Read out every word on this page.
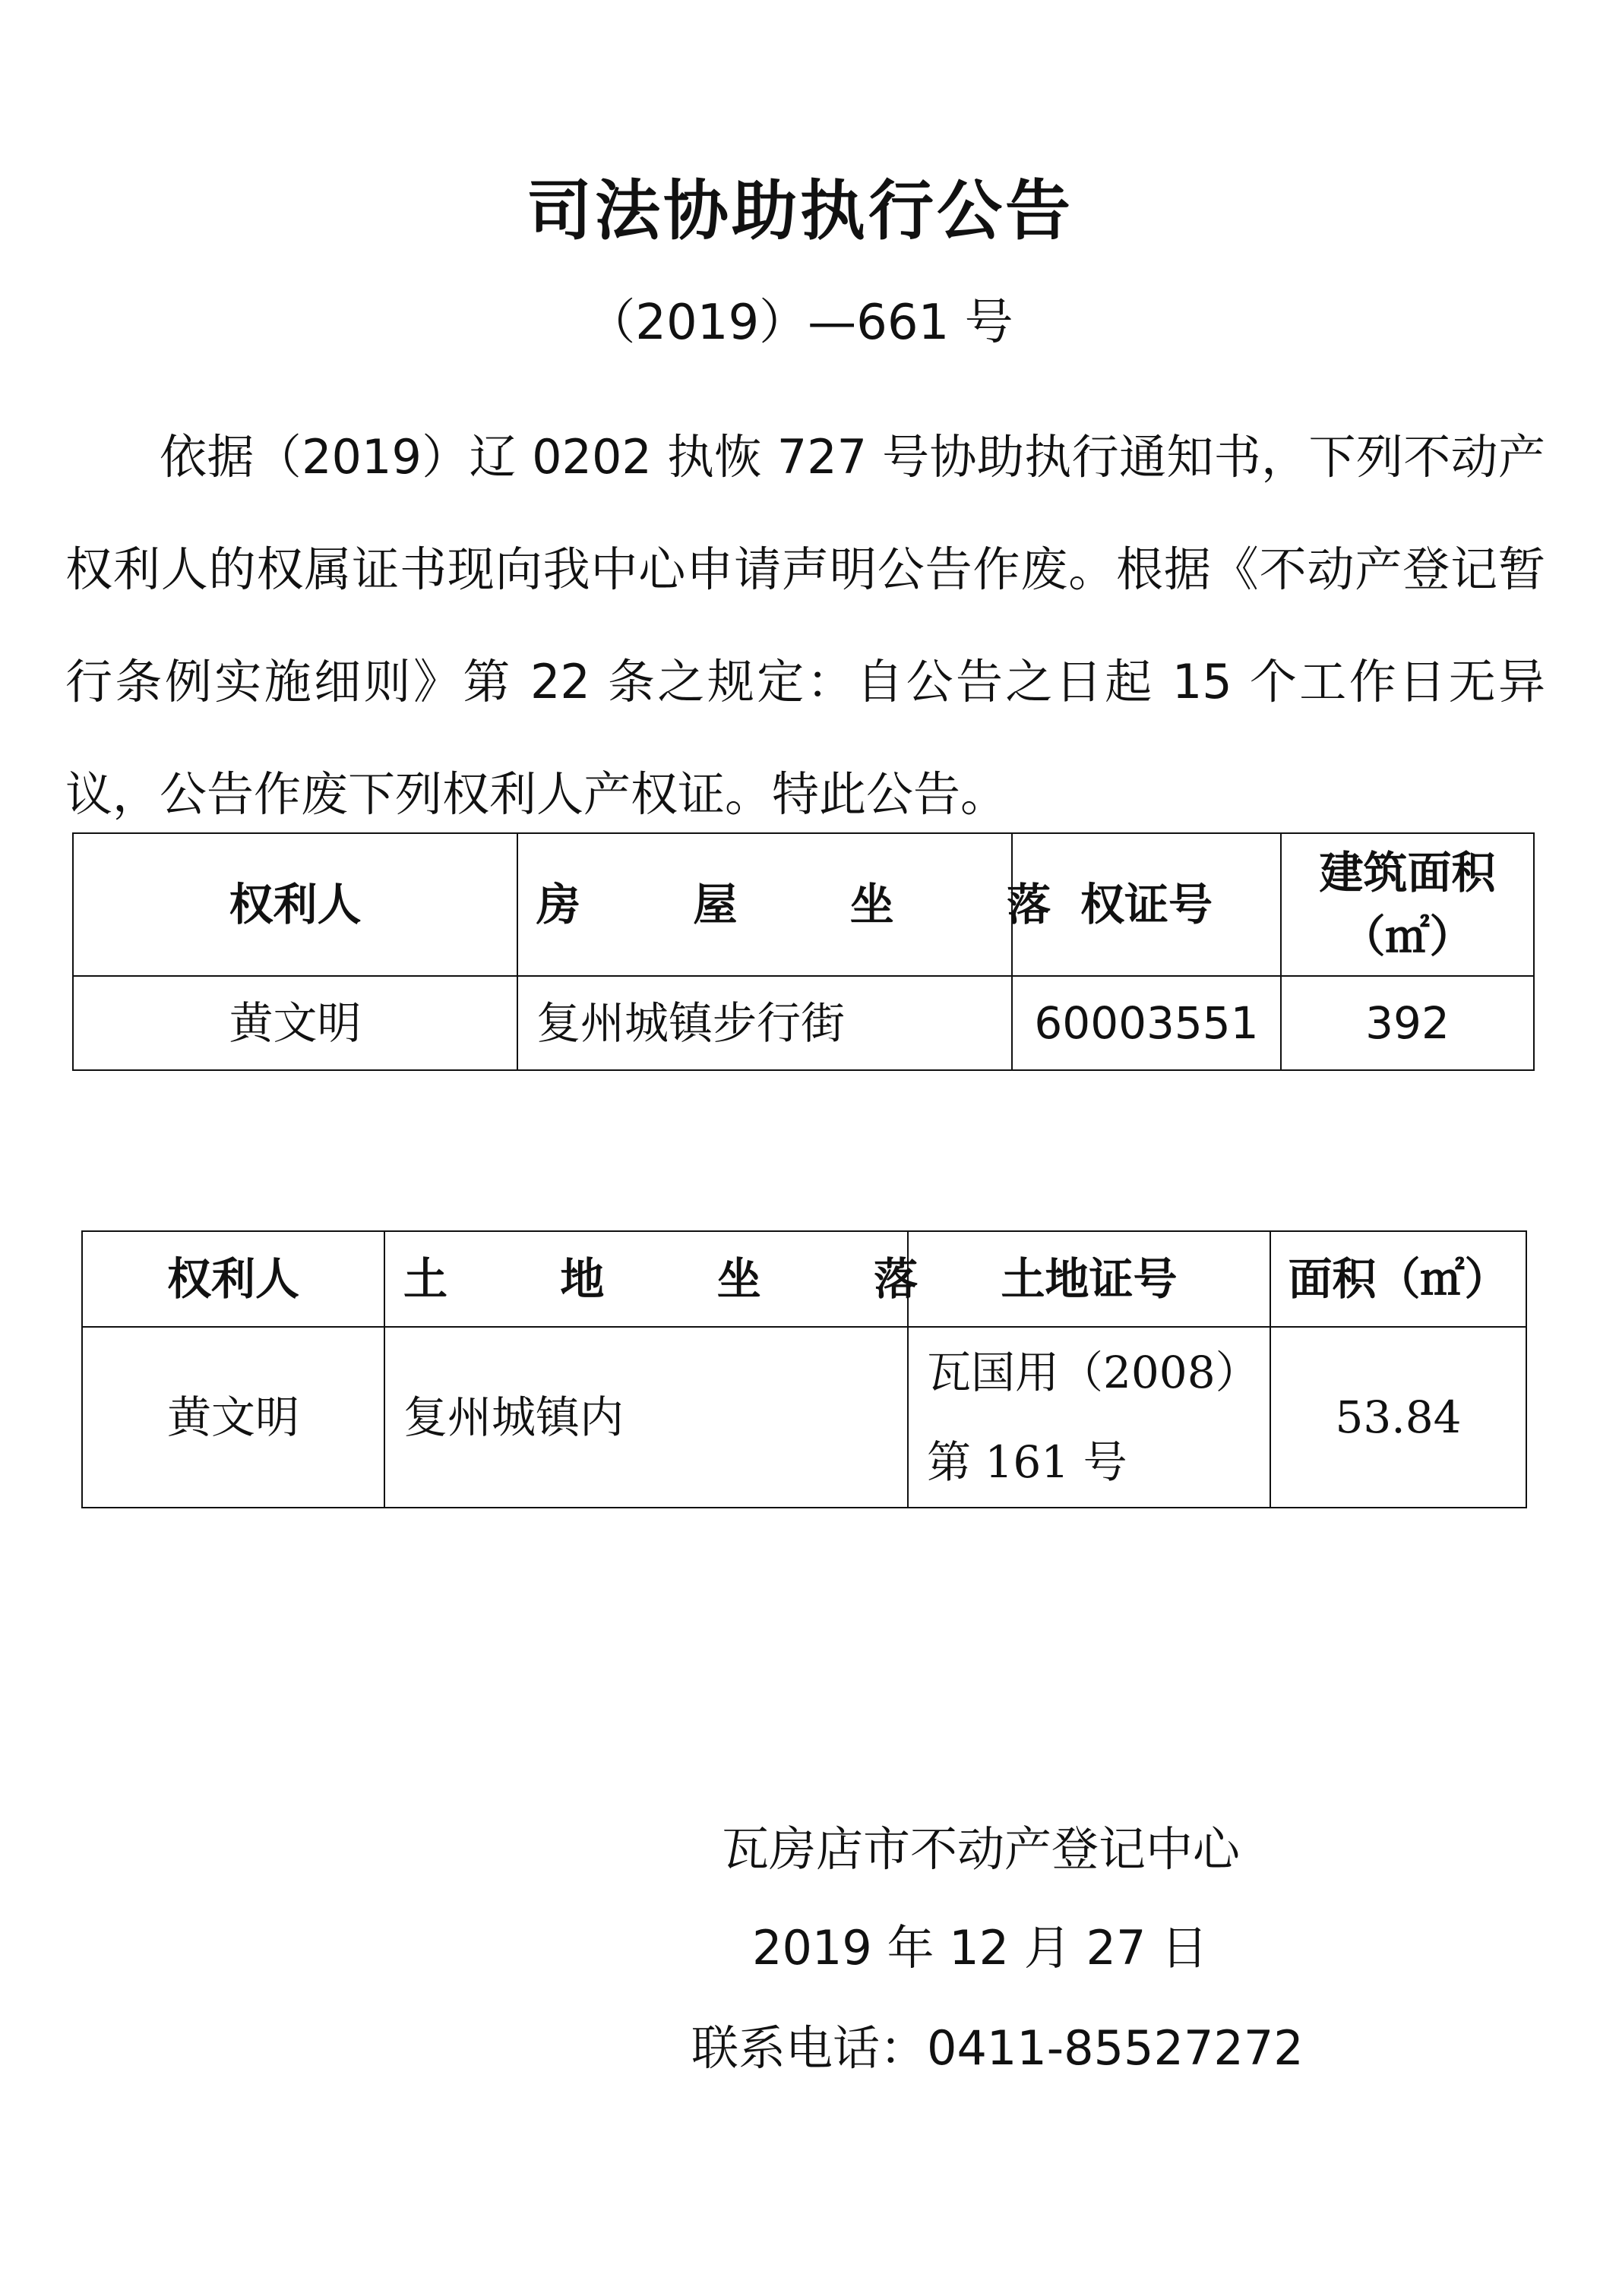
司法协助执行公告
（2019）—661 号

依据（2019）辽 0202 执恢 727 号协助执行通知书，下列不动产权利人的权属证书现向我中心申请声明公告作废。根据《不动产登记暂行条例实施细则》第 22 条之规定：自公告之日起 15 个工作日无异议，公告作废下列权利人产权证。特此公告。

权利人	房  屋  坐  落	权证号	建筑面积
（㎡）

黄文明	复州城镇步行街	60003551	392
权利人	土  地  坐  落	土地证号	面积（㎡）
黄文明	复州城镇内	瓦国用（2008）
第 161 号	53.84
瓦房店市不动产登记中心
2019 年 12 月 27 日
联系电话：0411-85527272
